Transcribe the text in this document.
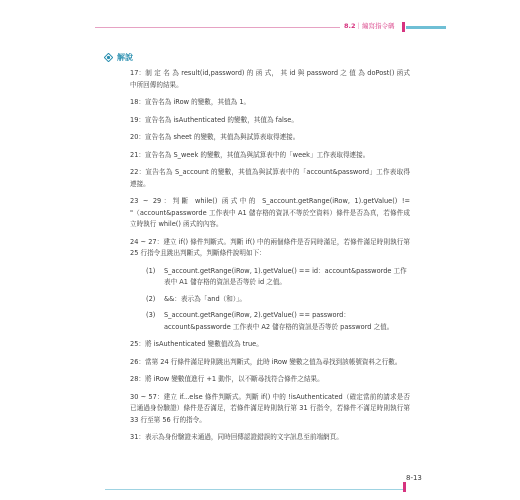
8.2｜編寫指令碼
解說

17：制 定 名 為 result(id,password) 的 函 式， 其 id 與 password 之 值 為 doPost() 函式中所回傳的結果。

18：宣告名為 iRow 的變數，其值為 1。

19：宣告名為 isAuthenticated 的變數，其值為 false。

20：宣告名為 sheet 的變數，其值為與試算表取得連接。

21：宣告名為 S_week 的變數，其值為與試算表中的「week」工作表取得連接。

22：宣告名為 S_account 的變數，其值為與試算表中的「account&password」工作表取得連接。

23 ~ 29：判斷 while() 函式中的 S_account.getRange(iRow, 1).getValue() != "（account&passworde 工作表中 A1 儲存格的資訊不等於空資料）條件是否為真，若條件成立時執行 while() 函式的內容。

24 ~ 27：建立 if() 條件判斷式。判斷 if() 中的兩個條件是否同時滿足，若條件滿足時則執行第 25 行指令且跳出判斷式，判斷條件說明如下：

(1) S_account.getRange(iRow, 1).getValue() == id：account&passworde 工作表中 A1 儲存格的資訊是否等於 id 之值。

(2) &&：表示為「and（和）」。

(3) S_account.getRange(iRow, 2).getValue() == password：account&passworde 工作表中 A2 儲存格的資訊是否等於 password 之值。

25：將 isAuthenticated 變數值改為 true。

26：當第 24 行條件滿足時則跳出判斷式，此時 iRow 變數之值為尋找到該帳號資料之行數。

28：將 iRow 變數值進行 +1 動作，以不斷尋找符合條件之結果。

30 ~ 57：建立 if...else 條件判斷式。判斷 if() 中的 !isAuthenticated（確定當前的請求是否已通過身份驗證）條件是否滿足，若條件滿足時則執行第 31 行指令，若條件不滿足時則執行第 33 行至第 56 行的指令。

31：表示為身份驗證未通過，同時回傳認證錯誤的文字訊息至前端網頁。

8-13
